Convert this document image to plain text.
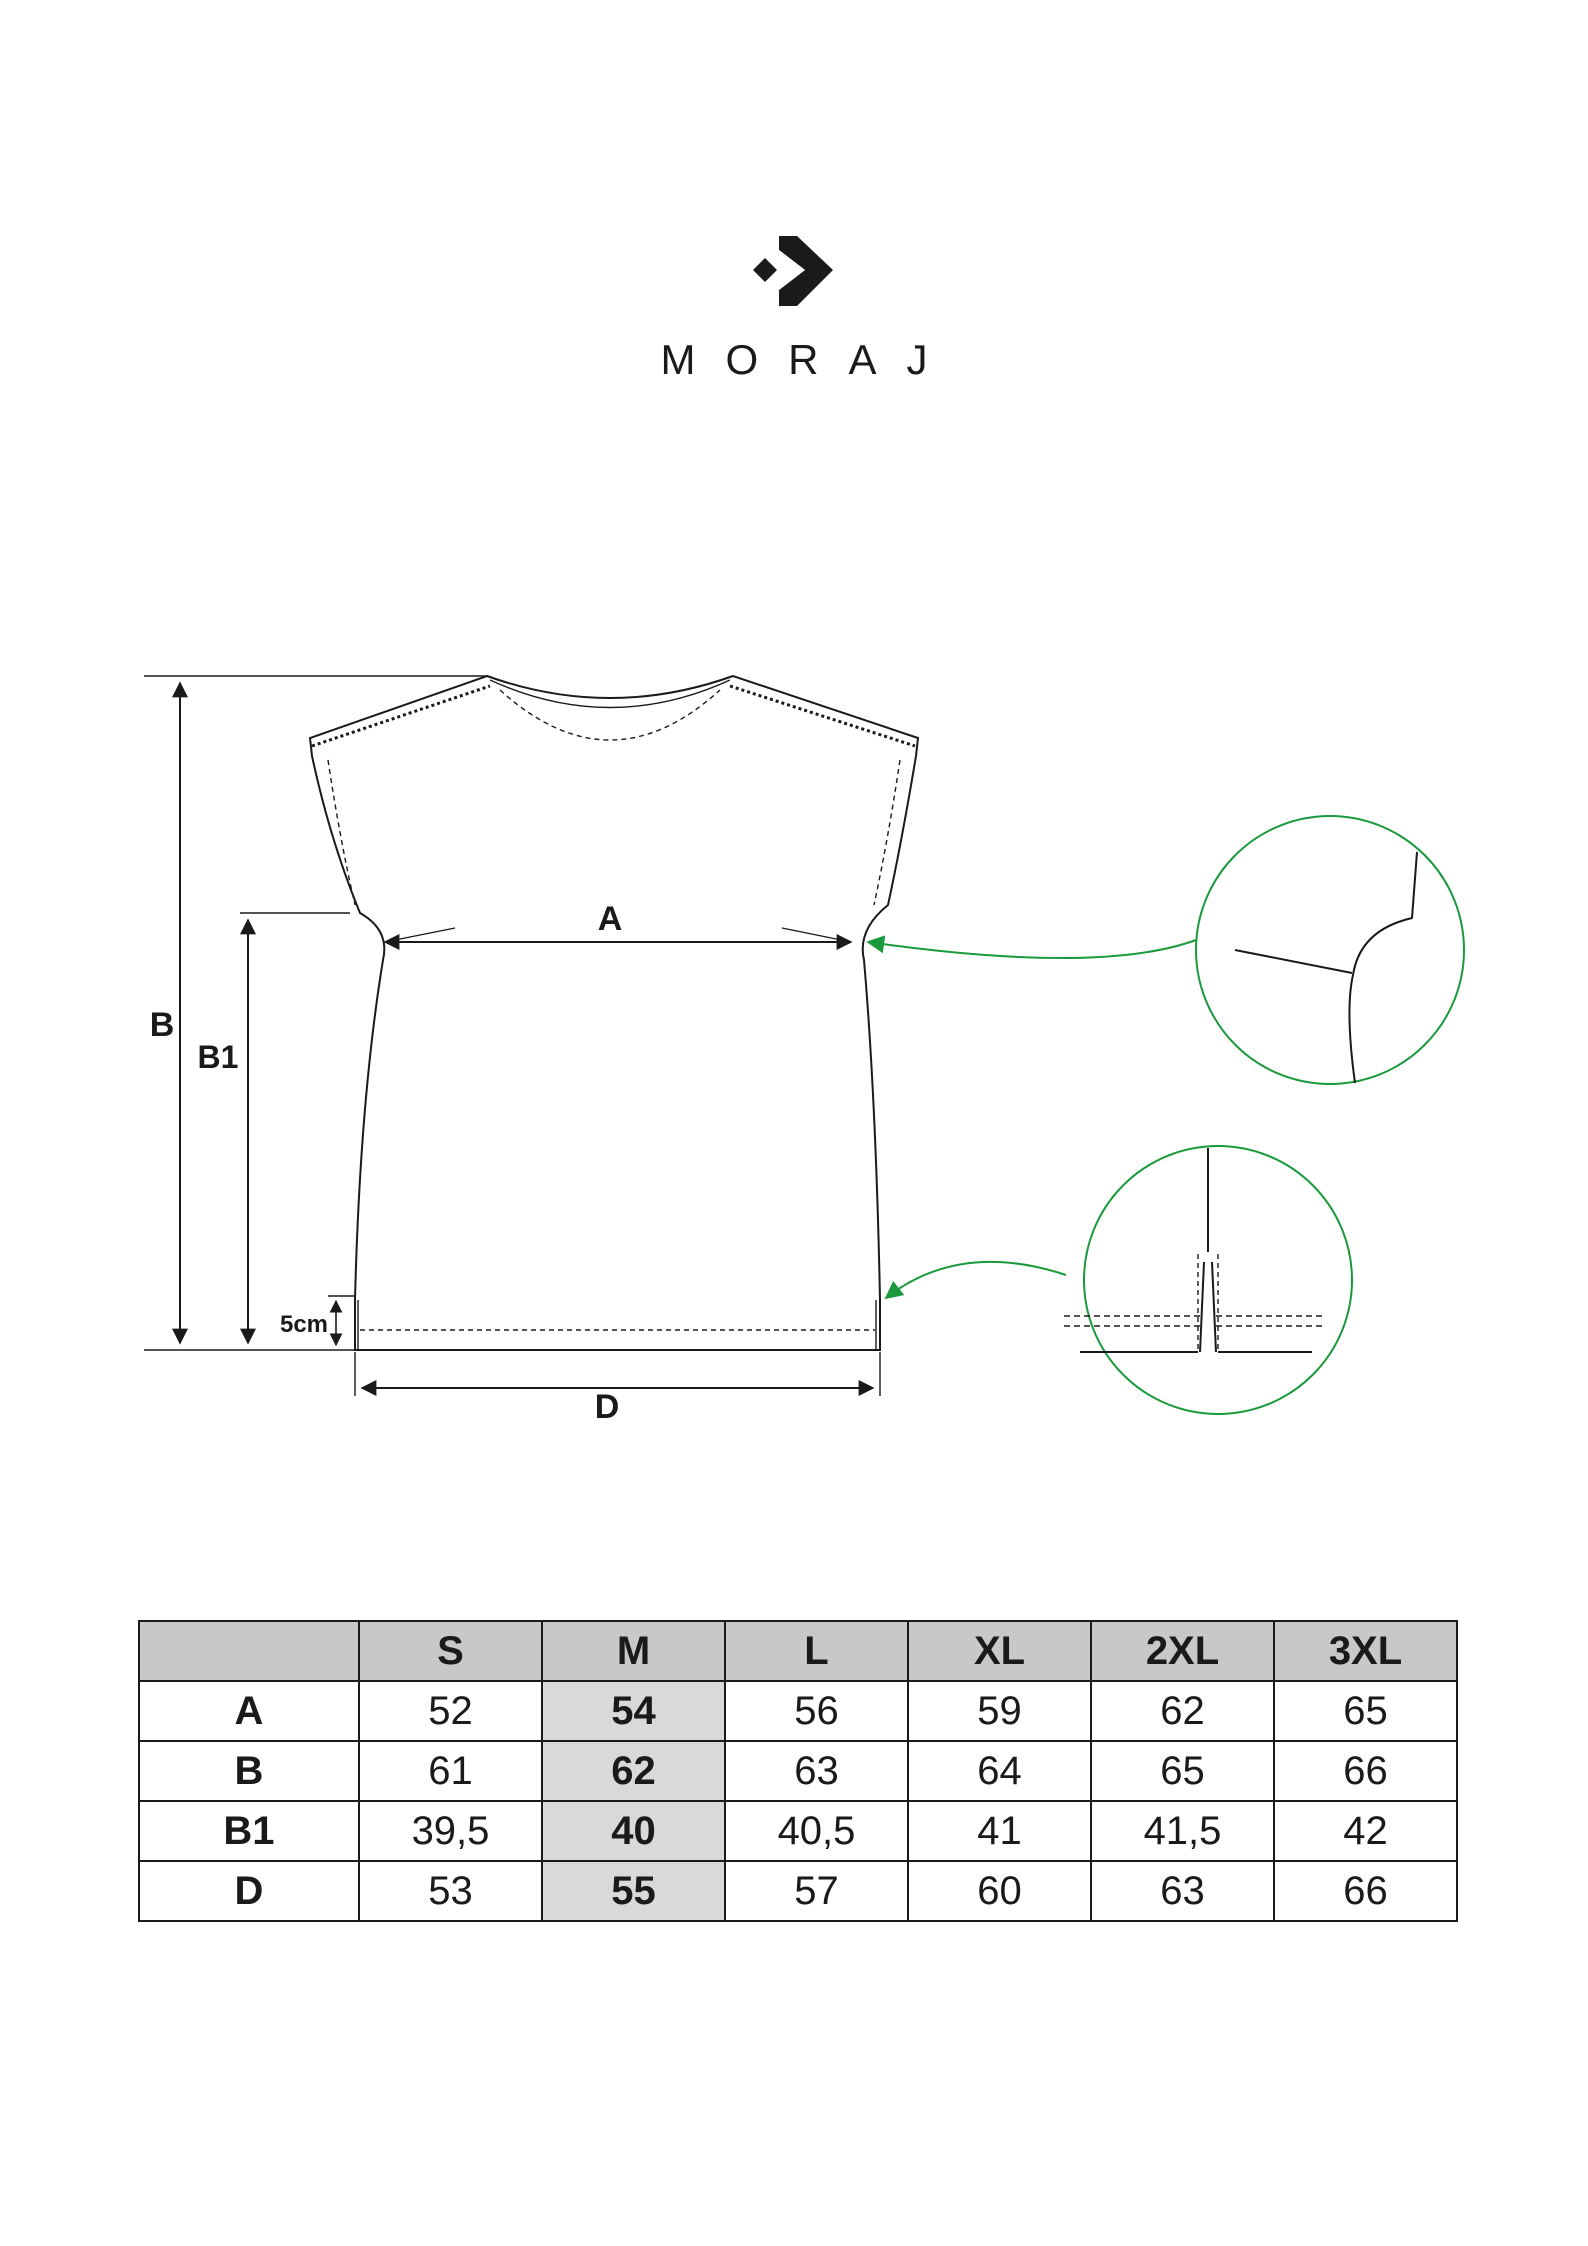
MORAJ
A
B
B1
5cm
D
	S	M	L	XL	2XL	3XL
A	52	54	56	59	62	65
B	61	62	63	64	65	66
B1	39,5	40	40,5	41	41,5	42
D	53	55	57	60	63	66
